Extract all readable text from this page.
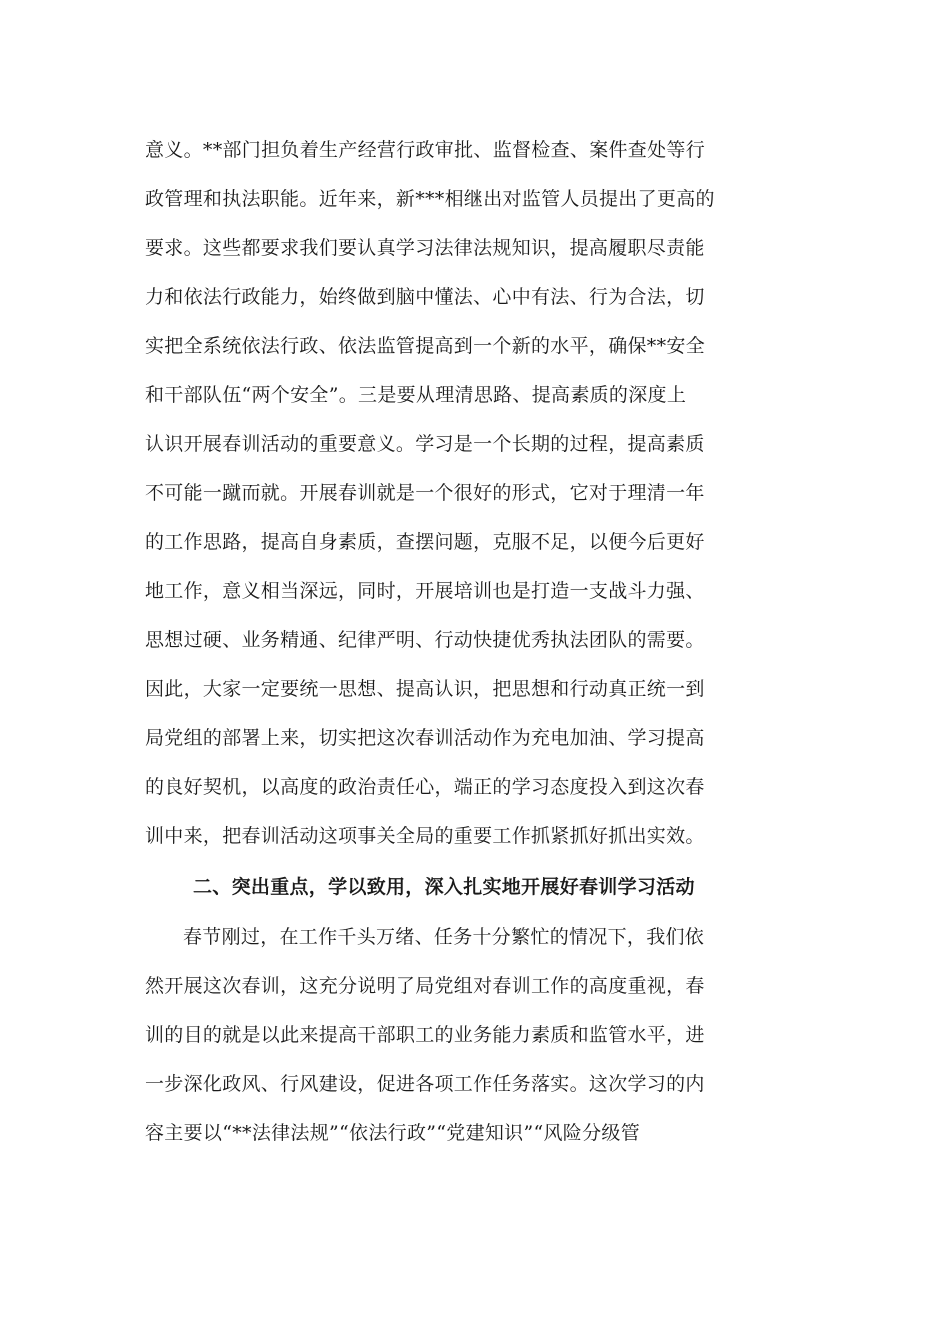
意义。**部门担负着生产经营行政审批、监督检查、案件查处等行

政管理和执法职能。近年来，新***相继出对监管人员提出了更高的

要求。这些都要求我们要认真学习法律法规知识，提高履职尽责能

力和依法行政能力，始终做到脑中懂法、心中有法、行为合法，切

实把全系统依法行政、依法监管提高到一个新的水平，确保**安全

和干部队伍“两个安全”。三是要从理清思路、提高素质的深度上

认识开展春训活动的重要意义。学习是一个长期的过程，提高素质

不可能一蹴而就。开展春训就是一个很好的形式，它对于理清一年

的工作思路，提高自身素质，查摆问题，克服不足，以便今后更好

地工作，意义相当深远，同时，开展培训也是打造一支战斗力强、

思想过硬、业务精通、纪律严明、行动快捷优秀执法团队的需要。

因此，大家一定要统一思想、提高认识，把思想和行动真正统一到

局党组的部署上来，切实把这次春训活动作为充电加油、学习提高

的良好契机，以高度的政治责任心，端正的学习态度投入到这次春

训中来，把春训活动这项事关全局的重要工作抓紧抓好抓出实效。

二、突出重点，学以致用，深入扎实地开展好春训学习活动

春节刚过，在工作千头万绪、任务十分繁忙的情况下，我们依

然开展这次春训，这充分说明了局党组对春训工作的高度重视，春

训的目的就是以此来提高干部职工的业务能力素质和监管水平，进

一步深化政风、行风建设，促进各项工作任务落实。这次学习的内

容主要以“**法律法规”“依法行政”“党建知识”“风险分级管
